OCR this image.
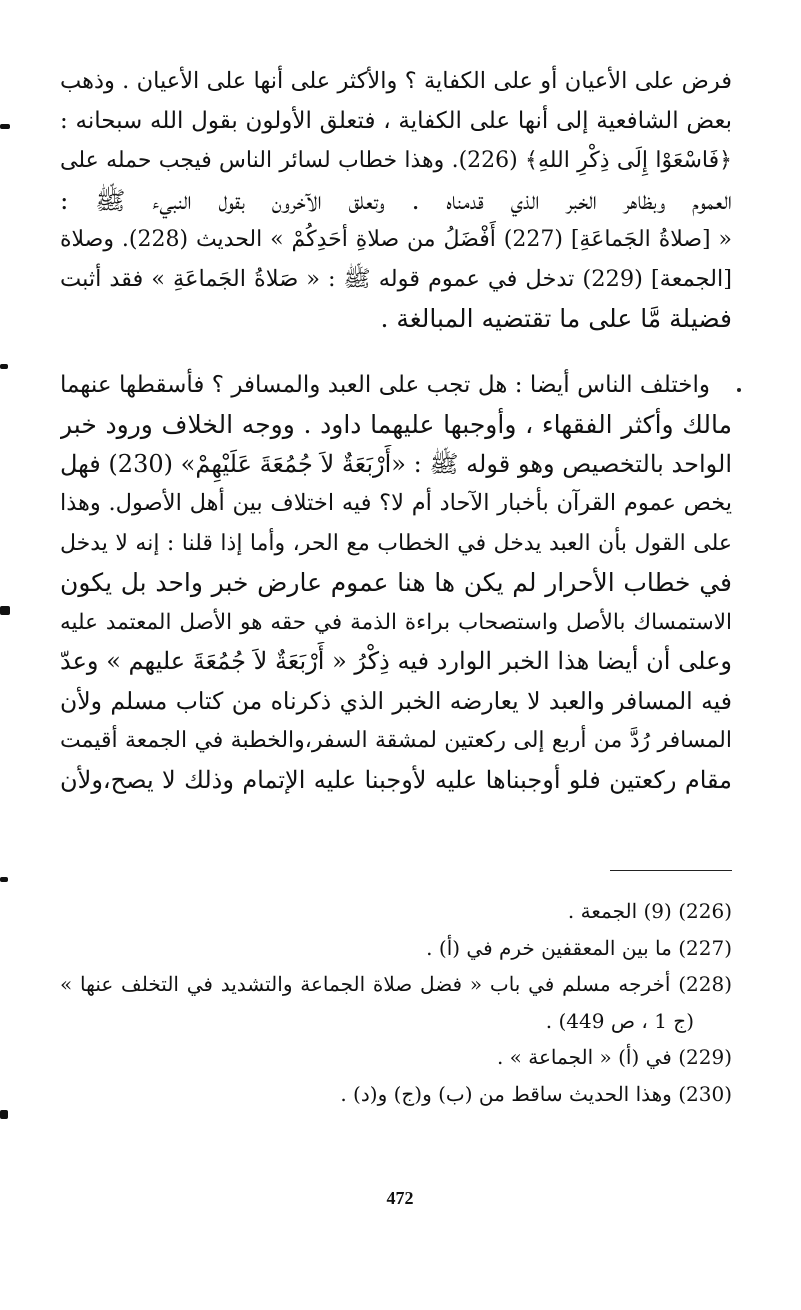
فرض على الأعيان أو على الكفاية ؟ والأكثر على أنها على الأعيان . وذهب
بعض الشافعية إلى أنها على الكفاية ، فتعلق الأولون بقول الله سبحانه :
﴿فَاسْعَوْا إِلَى ذِكْرِ اللهِ﴾ (226). وهذا خطاب لسائر الناس فيجب حمله على
العموم وبظاهر الخبر الذي قدمناه . وتعلق الآخرون بقول النبيء ﷺ :
« [صلاةُ الجَماعَةِ] (227) أَفْضَلُ من صلاةِ أحَدِكُمْ » الحديث (228). وصلاة
[الجمعة] (229) تدخل في عموم قوله ﷺ : « صَلاةُ الجَماعَةِ » فقد أثبت
فضيلة مَّا على ما تقتضيه المبالغة .
واختلف الناس أيضا : هل تجب على العبد والمسافر ؟ فأسقطها عنهما
مالك وأكثر الفقهاء ، وأوجبها عليهما داود . ووجه الخلاف ورود خبر
الواحد بالتخصيص وهو قوله ﷺ : «أَرْبَعَةٌ لاَ جُمُعَةَ عَلَيْهِمْ» (230) فهل
يخص عموم القرآن بأخبار الآحاد أم لا؟ فيه اختلاف بين أهل الأصول. وهذا
على القول بأن العبد يدخل في الخطاب مع الحر، وأما إذا قلنا : إنه لا يدخل
في خطاب الأحرار لم يكن ها هنا عموم عارض خبر واحد بل يكون
الاستمساك بالأصل واستصحاب براءة الذمة في حقه هو الأصل المعتمد عليه
وعلى أن أيضا هذا الخبر الوارد فيه ذِكْرُ « أَرْبَعَةٌ لاَ جُمُعَةَ عليهم » وعدّ
فيه المسافر والعبد لا يعارضه الخبر الذي ذكرناه من كتاب مسلم ولأن
المسافر رُدَّ من أربع إلى ركعتين لمشقة السفر،والخطبة في الجمعة أقيمت
مقام ركعتين فلو أوجبناها عليه لأوجبنا عليه الإتمام وذلك لا يصح،ولأن
(226) (9) الجمعة .
(227) ما بين المعقفين خرم في (أ) .
(228) أخرجه مسلم في باب « فضل صلاة الجماعة والتشديد في التخلف عنها »
(ج 1 ، ص 449) .
(229) في (أ) « الجماعة » .
(230) وهذا الحديث ساقط من (ب) و(ج) و(د) .
472
